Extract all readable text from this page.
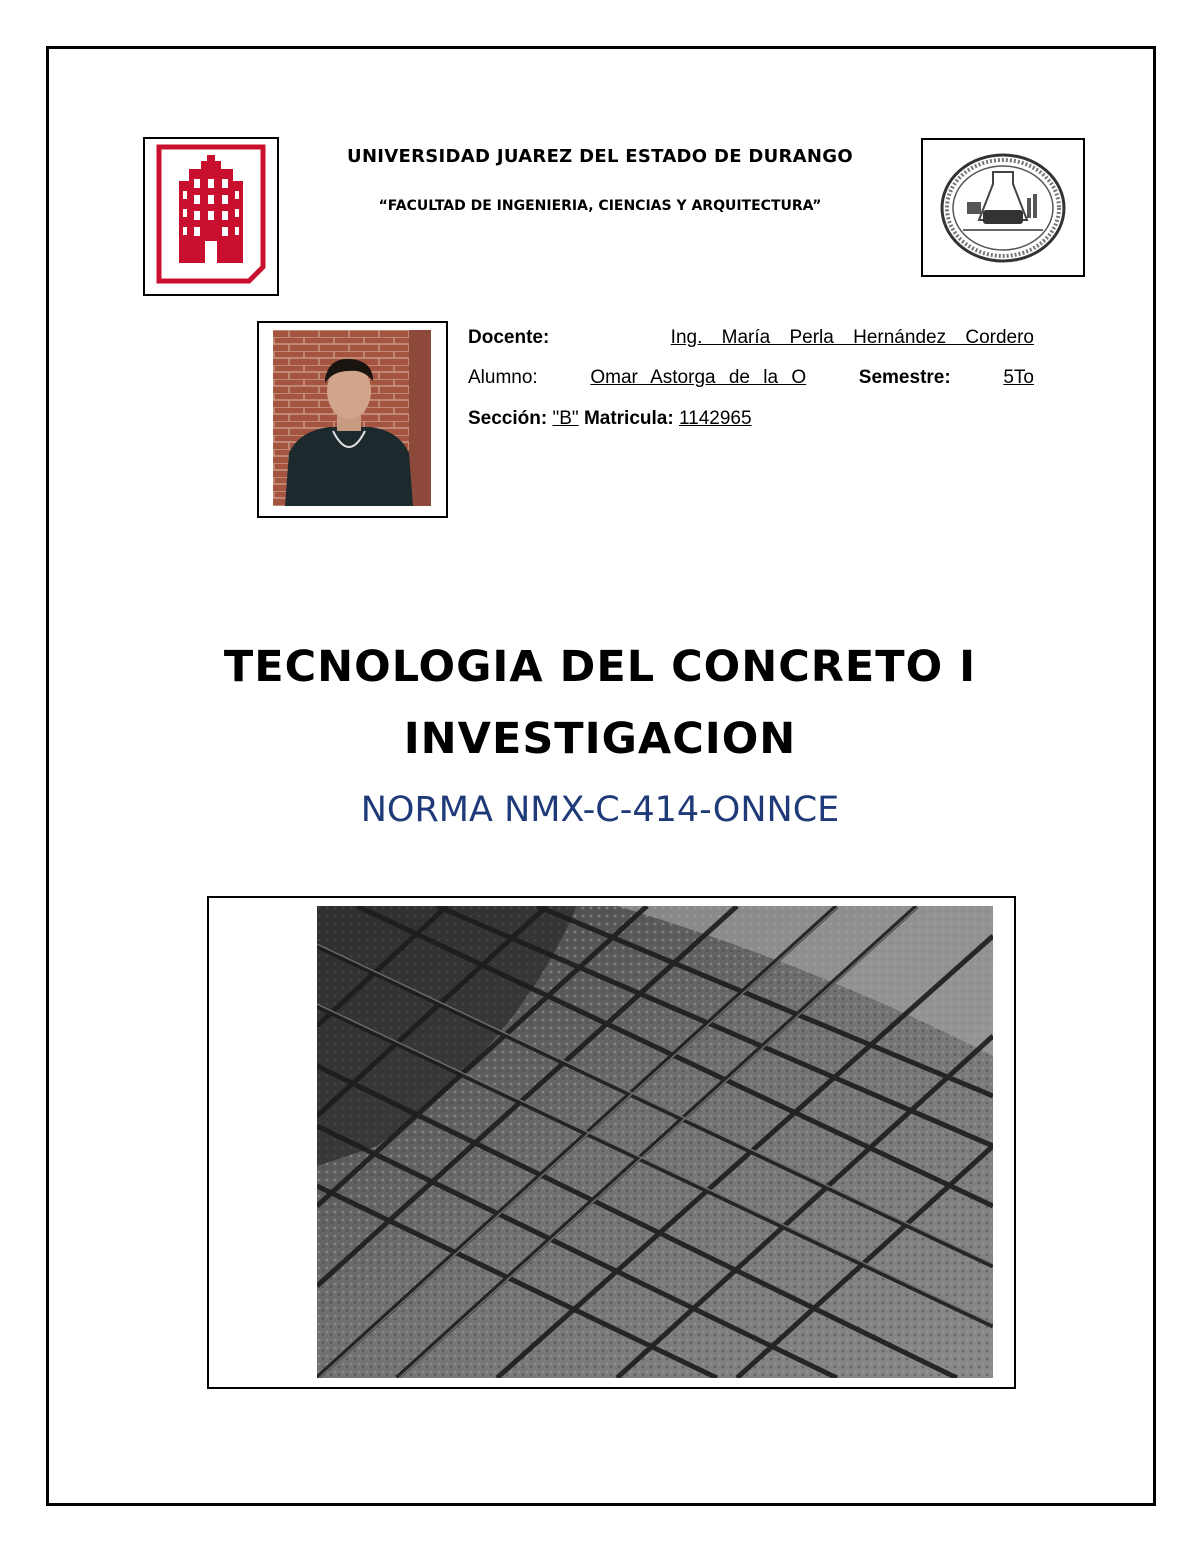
UNIVERSIDAD JUAREZ DEL ESTADO DE DURANGO
“FACULTAD DE INGENIERIA, CIENCIAS Y ARQUITECTURA”
Docente:	Ing. María Perla Hernández Cordero
Alumno:	Omar Astorga de la O	Semestre:	5To
Sección: "B" Matricula: 1142965
TECNOLOGIA DEL CONCRETO I
INVESTIGACION
NORMA NMX-C-414-ONNCE
